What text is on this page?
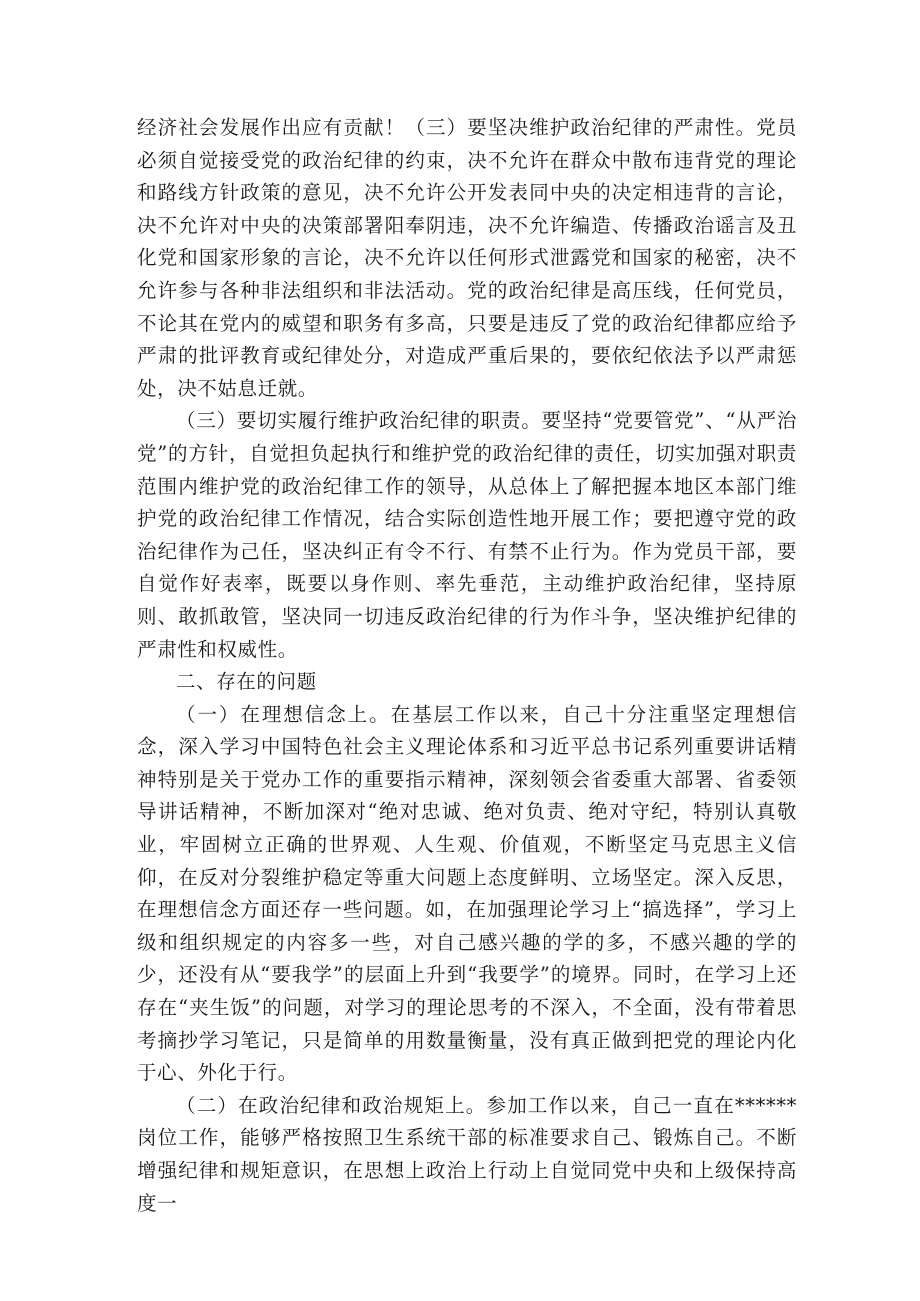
经济社会发展作出应有贡献！（三）要坚决维护政治纪律的严肃性。党员必须自觉接受党的政治纪律的约束，决不允许在群众中散布违背党的理论和路线方针政策的意见，决不允许公开发表同中央的决定相违背的言论，决不允许对中央的决策部署阳奉阴违，决不允许编造、传播政治谣言及丑化党和国家形象的言论，决不允许以任何形式泄露党和国家的秘密，决不允许参与各种非法组织和非法活动。党的政治纪律是高压线，任何党员，不论其在党内的威望和职务有多高，只要是违反了党的政治纪律都应给予严肃的批评教育或纪律处分，对造成严重后果的，要依纪依法予以严肃惩处，决不姑息迁就。

（三）要切实履行维护政治纪律的职责。要坚持“党要管党”、“从严治党”的方针，自觉担负起执行和维护党的政治纪律的责任，切实加强对职责范围内维护党的政治纪律工作的领导，从总体上了解把握本地区本部门维护党的政治纪律工作情况，结合实际创造性地开展工作；要把遵守党的政治纪律作为己任，坚决纠正有令不行、有禁不止行为。作为党员干部，要自觉作好表率，既要以身作则、率先垂范，主动维护政治纪律，坚持原则、敢抓敢管，坚决同一切违反政治纪律的行为作斗争，坚决维护纪律的严肃性和权威性。

二、存在的问题

（一）在理想信念上。在基层工作以来，自己十分注重坚定理想信念，深入学习中国特色社会主义理论体系和习近平总书记系列重要讲话精神特别是关于党办工作的重要指示精神，深刻领会省委重大部署、省委领导讲话精神，不断加深对“绝对忠诚、绝对负责、绝对守纪，特别认真敬业，牢固树立正确的世界观、人生观、价值观，不断坚定马克思主义信仰，在反对分裂维护稳定等重大问题上态度鲜明、立场坚定。深入反思，在理想信念方面还存一些问题。如，在加强理论学习上“搞选择”，学习上级和组织规定的内容多一些，对自己感兴趣的学的多，不感兴趣的学的少，还没有从“要我学”的层面上升到“我要学”的境界。同时，在学习上还存在“夹生饭”的问题，对学习的理论思考的不深入，不全面，没有带着思考摘抄学习笔记，只是简单的用数量衡量，没有真正做到把党的理论内化于心、外化于行。

（二）在政治纪律和政治规矩上。参加工作以来，自己一直在******岗位工作，能够严格按照卫生系统干部的标准要求自己、锻炼自己。不断增强纪律和规矩意识，在思想上政治上行动上自觉同党中央和上级保持高度一
